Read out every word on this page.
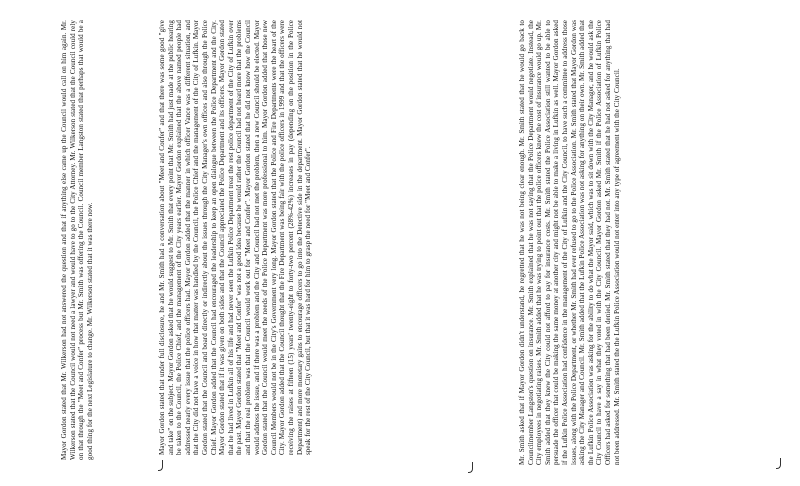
Mayor Gordon stated that Mr. Wilkerson had not answered the question and that if anything else came up the Council would call on him again. Mr. Wilkerson stated that the Council would not need a lawyer and would have to go to the City Attorney. Mr. Wilkerson stated that the Council could rely on that through the "Meet and Confer" process but Mr. Smith was offering the Council. Council member Langston stated that perhaps that would be a good thing for the next Legislature to change. Mr. Wilkerson stated that it was there now.	Mayor Gordon stated that under full disclosure, he and Mr. Smith had a conversation about "Meet and Confer" and that there was some good "give and take" on the subject. Mayor Gordon asked that he would suggest to Mr. Smith that every point that Mr. Smith had just made at the public hearing be taken to the Council, the Police Chief, and the management of the City years earlier. Mayor Gordon explained that the above named people had addressed nearly every issue that the police officers had. Mayor Gordon added that the manner in which officer Vance was a different situation, and that the City did not have a voice in how that matter was handled by the Council, the Police Chief and the management of the City of Lufkin. Mayor Gordon stated that the Council and board directly or indirectly about the issues through the City Manager's own offices and also through the Police Chief. Mayor Gordon added that the Council had encouraged the leadership to keep an open dialogue between the Police Department and the City. Mayor Gordon stated that if it was given on both sides and that the Council appreciated the Police Department and its officers. Mayor Gordon stated that he had lived in Lufkin all of his life and had never seen the Lufkin Police Department treat the rest police department of the City of Lufkin over the past. Mayor Gordon stated that "Meet and Confer" was not a good idea because he would rather the Council had not heard more that the problems and that the real problem was that the Council would work out for "Meet and Confer". Mayor Gordon stated that he did not know how the Council would address the issue, and if there was a problem and the City and Council had not met the problem, then a new Council should be elected. Mayor Gordon stated that the Council would meet the needs of the Police Department was more professional to him. Mayor Gordon added that those new Council Members would not be in the City's Government very long. Mayor Gordon stated that the Police and Fire Departments were the heart of the City. Mayor Gordon added that the Council thought that the Fire Department was being fair with the police officers in 1999 and that the officers were receiving the raises at fifteen (15) years' twenty-eight to forty-two percent (28%-42%) increases in pay (depending on the position in the Police Department) and more monetary gains to encourage officers to go into the Detective side in the department. Mayor Gordon stated that he would not speak for the rest of the City Council, but that it was hard for him to grasp the need for "Meet and Confer".	Mr. Smith asked that if Mayor Gordon didn't understand, he regretted that he was not being clear enough. Mr. Smith stated that he would go back to Councilmember Langston's question on insurance. Mr. Smith explained that he was not saying that the Police Department would negotiate. Instead, the City employees in negotiating raises. Mr. Smith added that he was trying to point out that the police officers knew the cost of insurance would go up. Mr. Smith added that they knew the City could not afford to pay for insurance costs. Mr. Smith stated the Police Association still wanted to be able to persuade the officer that could be making the same money at another city and might not be able to make a living in Lufkin as well. Mayor Gordon asked if the Lufkin Police Association had confidence in the management of the City of Lufkin and the City Council, to have such a committee to address those issues, along with the Police Department, or whether Mr. Smith had ever refused to go to the Police Association. Mr. Smith stated that Mayor Gordon was asking the City Manager and Council. Mr. Smith added that the Lufkin Police Association was not asking for anything on their own. Mr. Smith added that the Lufkin Police Association was asking for the ability to do what the Mayor said, which was to sit down with the City Manager, and he would ask the City Council to have a say in what they voted in with the City Council. Mayor Gordon asked Mr. Smith if the Police Association of Lufkin Police Officers had asked for something that had been denied. Mr. Smith stated that they had not. Mr. Smith stated that he had not asked for anything that had not been addressed. Mr. Smith stated the the Lufkin Police Association would not enter into any type of agreement with the City Council.
